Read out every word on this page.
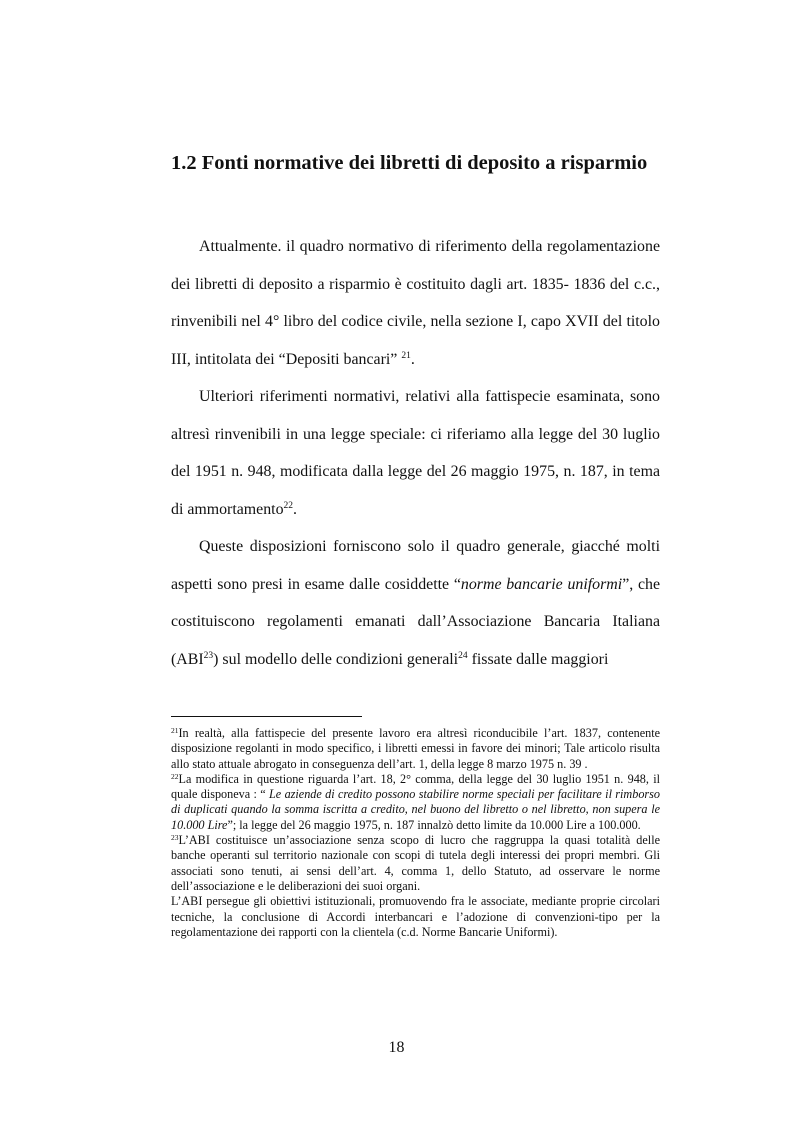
1.2 Fonti normative dei libretti di deposito a risparmio

Attualmente. il quadro normativo di riferimento della regolamentazione dei libretti di deposito a risparmio è costituito dagli art. 1835- 1836 del c.c., rinvenibili nel 4° libro del codice civile, nella sezione I, capo XVII del titolo III, intitolata dei “Depositi bancari” $^{21}$.

Ulteriori riferimenti normativi, relativi alla fattispecie esaminata, sono altresì rinvenibili in una legge speciale: ci riferiamo alla legge del 30 luglio del 1951 n. 948, modificata dalla legge del 26 maggio 1975, n. 187, in tema di ammortamento$^{22}$.

Queste disposizioni forniscono solo il quadro generale, giacché molti aspetti sono presi in esame dalle cosiddette “norme bancarie uniformi”, che costituiscono regolamenti emanati dall’Associazione Bancaria Italiana (ABI$^{23}$) sul modello delle condizioni generali$^{24}$ fissate dalle maggiori

$^{21}$In realtà, alla fattispecie del presente lavoro era altresì riconducibile l’art. 1837, contenente disposizione regolanti in modo specifico, i libretti emessi in favore dei minori; Tale articolo risulta allo stato attuale abrogato in conseguenza dell’art. 1, della legge 8 marzo 1975 n. 39 .

$^{22}$La modifica in questione riguarda l’art. 18, 2° comma, della legge del 30 luglio 1951 n. 948, il quale disponeva : “ Le aziende di credito possono stabilire norme speciali per facilitare il rimborso di duplicati quando la somma iscritta a credito, nel buono del libretto o nel libretto, non supera le 10.000 Lire”; la legge del 26 maggio 1975, n. 187 innalzò detto limite da 10.000 Lire a 100.000.

$^{23}$L’ABI costituisce un’associazione senza scopo di lucro che raggruppa la quasi totalità delle banche operanti sul territorio nazionale con scopi di tutela degli interessi dei propri membri. Gli associati sono tenuti, ai sensi dell’art. 4, comma 1, dello Statuto, ad osservare le norme dell’associazione e le deliberazioni dei suoi organi.

L’ABI persegue gli obiettivi istituzionali, promuovendo fra le associate, mediante proprie circolari tecniche, la conclusione di Accordi interbancari e l’adozione di convenzioni-tipo per la regolamentazione dei rapporti con la clientela (c.d. Norme Bancarie Uniformi).

18
